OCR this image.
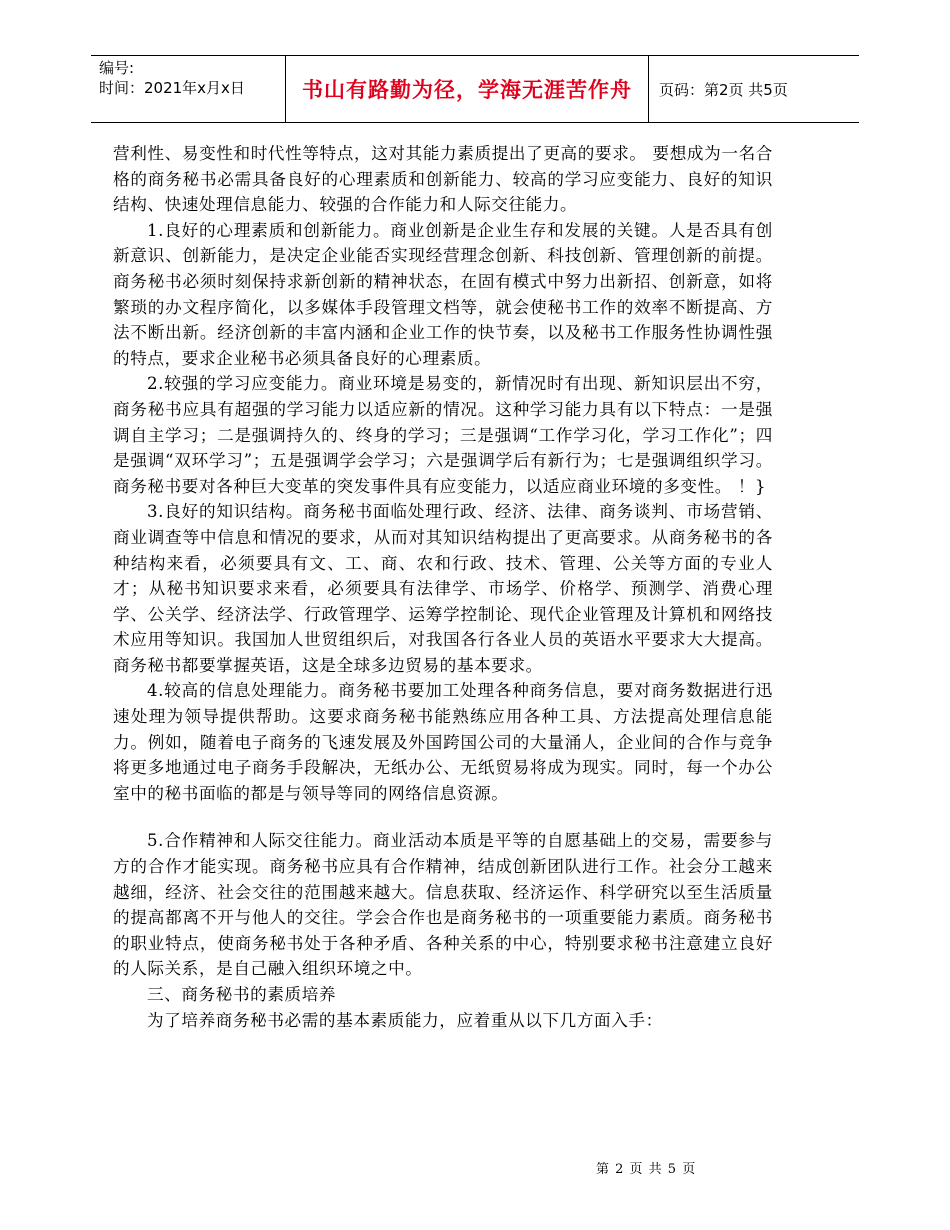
编号:
时间：2021年x月x日	书山有路勤为径，学海无涯苦作舟 页码：第2页 共5页

营利性、易变性和时代性等特点，这对其能力素质提出了更高的要求。 要想成为一名合格的商务秘书必需具备良好的心理素质和创新能力、较高的学习应变能力、良好的知识结构、快速处理信息能力、较强的合作能力和人际交往能力。

1.良好的心理素质和创新能力。商业创新是企业生存和发展的关键。人是否具有创新意识、创新能力，是决定企业能否实现经营理念创新、科技创新、管理创新的前提。商务秘书必须时刻保持求新创新的精神状态，在固有模式中努力出新招、创新意，如将繁琐的办文程序简化，以多媒体手段管理文档等，就会使秘书工作的效率不断提高、方法不断出新。经济创新的丰富内涵和企业工作的快节奏，以及秘书工作服务性协调性强的特点，要求企业秘书必须具备良好的心理素质。

2.较强的学习应变能力。商业环境是易变的，新情况时有出现、新知识层出不穷，商务秘书应具有超强的学习能力以适应新的情况。这种学习能力具有以下特点：一是强调自主学习；二是强调持久的、终身的学习；三是强调“工作学习化，学习工作化”；四是强调“双环学习”；五是强调学会学习；六是强调学后有新行为；七是强调组织学习。商务秘书要对各种巨大变革的突发事件具有应变能力，以适应商业环境的多变性。 ！}

3.良好的知识结构。商务秘书面临处理行政、经济、法律、商务谈判、市场营销、商业调查等中信息和情况的要求，从而对其知识结构提出了更高要求。从商务秘书的各种结构来看，必须要具有文、工、商、农和行政、技术、管理、公关等方面的专业人才；从秘书知识要求来看，必须要具有法律学、市场学、价格学、预测学、消费心理学、公关学、经济法学、行政管理学、运筹学控制论、现代企业管理及计算机和网络技术应用等知识。我国加人世贸组织后，对我国各行各业人员的英语水平要求大大提高。商务秘书都要掌握英语，这是全球多边贸易的基本要求。

4.较高的信息处理能力。商务秘书要加工处理各种商务信息，要对商务数据进行迅速处理为领导提供帮助。这要求商务秘书能熟练应用各种工具、方法提高处理信息能力。例如，随着电子商务的飞速发展及外国跨国公司的大量涌人，企业间的合作与竞争将更多地通过电子商务手段解决，无纸办公、无纸贸易将成为现实。同时，每一个办公室中的秘书面临的都是与领导等同的网络信息资源。

5.合作精神和人际交往能力。商业活动本质是平等的自愿基础上的交易，需要参与方的合作才能实现。商务秘书应具有合作精神，结成创新团队进行工作。社会分工越来越细，经济、社会交往的范围越来越大。信息获取、经济运作、科学研究以至生活质量的提高都离不开与他人的交往。学会合作也是商务秘书的一项重要能力素质。商务秘书的职业特点，使商务秘书处于各种矛盾、各种关系的中心，特别要求秘书注意建立良好的人际关系，是自己融入组织环境之中。

三、商务秘书的素质培养

为了培养商务秘书必需的基本素质能力，应着重从以下几方面入手：

第 2 页 共 5 页
